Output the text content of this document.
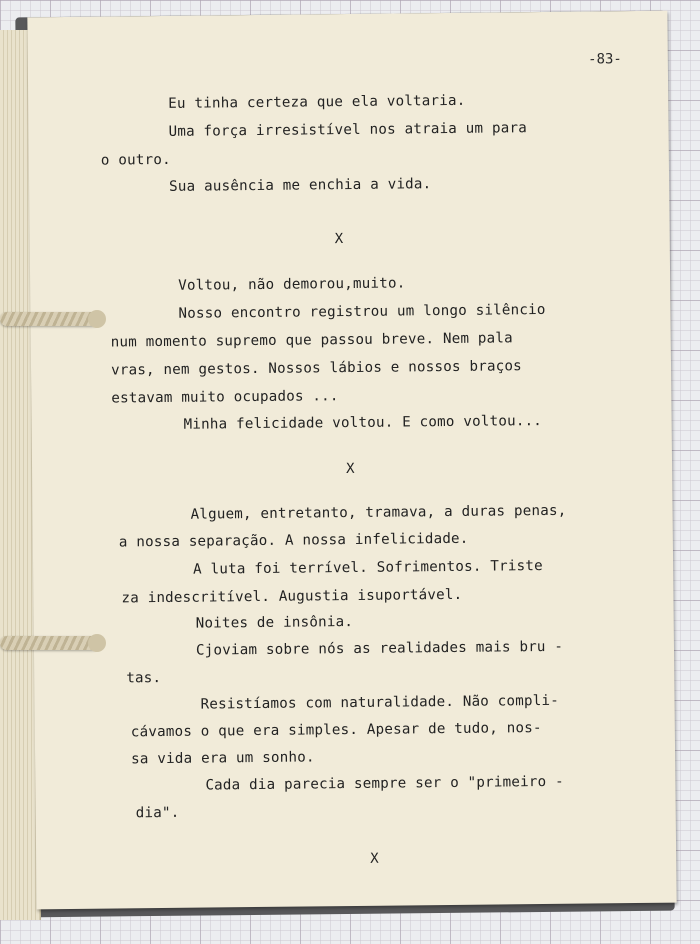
-83-
Eu tinha certeza que ela voltaria.
Uma força irresistível nos atraia um para
o outro.
Sua ausência me enchia a vida.
X
Voltou, não demorou,muito.
Nosso encontro registrou um longo silêncio
num momento supremo que passou breve. Nem pala
vras, nem gestos. Nossos lábios e nossos braços
estavam muito ocupados ...
Minha felicidade voltou. E como voltou...
X
Alguem, entretanto, tramava, a duras penas,
a nossa separação. A nossa infelicidade.
A luta foi terrível. Sofrimentos. Triste
za indescritível. Augustia isuportável.
Noites de insônia.
Cjoviam sobre nós as realidades mais bru -
tas.
Resistíamos com naturalidade. Não compli-
cávamos o que era simples. Apesar de tudo, nos-
sa vida era um sonho.
Cada dia parecia sempre ser o "primeiro -
dia".
X
